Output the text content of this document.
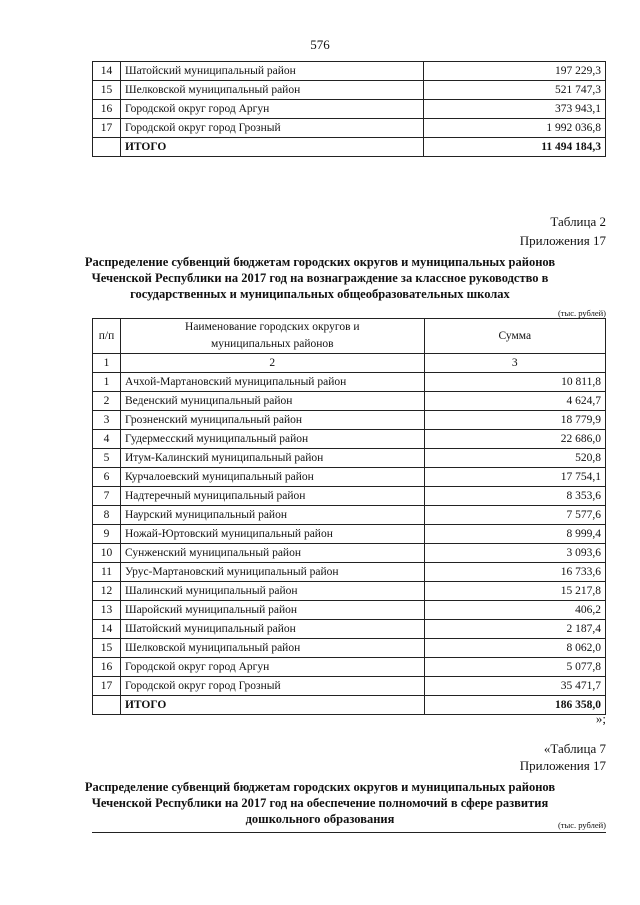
576
14	Шатойский муниципальный район	197 229,3
15	Шелковской муниципальный район	521 747,3
16	Городской округ город Аргун	373 943,1
17	Городской округ город Грозный	1 992 036,8
	ИТОГО	11 494 184,3
Таблица 2
Приложения 17
Распределение субвенций бюджетам городских округов и муниципальных районов
Чеченской Республики на 2017 год на вознаграждение за классное руководство в
государственных и муниципальных общеобразовательных школах
(тыс. рублей)
п/п	Наименование городских округов и
муниципальных районов	Сумма
1	2	3
1	Ачхой-Мартановский муниципальный район	10 811,8
2	Веденский муниципальный район	4 624,7
3	Грозненский муниципальный район	18 779,9
4	Гудермесский муниципальный район	22 686,0
5	Итум-Калинский муниципальный район	520,8
6	Курчалоевский муниципальный район	17 754,1
7	Надтеречный муниципальный район	8 353,6
8	Наурский муниципальный район	7 577,6
9	Ножай-Юртовский муниципальный район	8 999,4
10	Сунженский муниципальный район	3 093,6
11	Урус-Мартановский муниципальный район	16 733,6
12	Шалинский муниципальный район	15 217,8
13	Шаройский муниципальный район	406,2
14	Шатойский муниципальный район	2 187,4
15	Шелковской муниципальный район	8 062,0
16	Городской округ город Аргун	5 077,8
17	Городской округ город Грозный	35 471,7
	ИТОГО	186 358,0
»;
«Таблица 7
Приложения 17
Распределение субвенций бюджетам городских округов и муниципальных районов
Чеченской Республики на 2017 год на обеспечение полномочий в сфере развития
дошкольного образования	(тыс. рублей)
